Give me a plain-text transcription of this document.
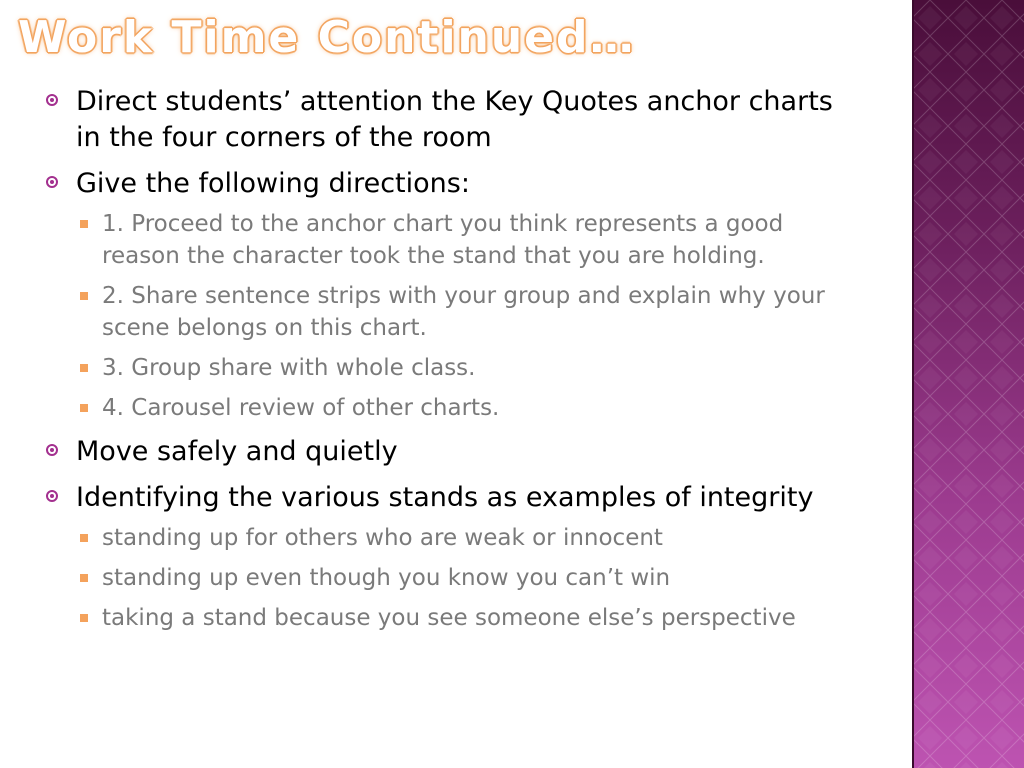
Work Time Continued…
Direct students’ attention the Key Quotes anchor charts in the four corners of the room
Give the following directions:
1. Proceed to the anchor chart you think represents a good reason the character took the stand that you are holding.
2. Share sentence strips with your group and explain why your scene belongs on this chart.
3. Group share with whole class.
4. Carousel review of other charts.
Move safely and quietly
Identifying the various stands as examples of integrity
standing up for others who are weak or innocent
standing up even though you know you can’t win
taking a stand because you see someone else’s perspective
